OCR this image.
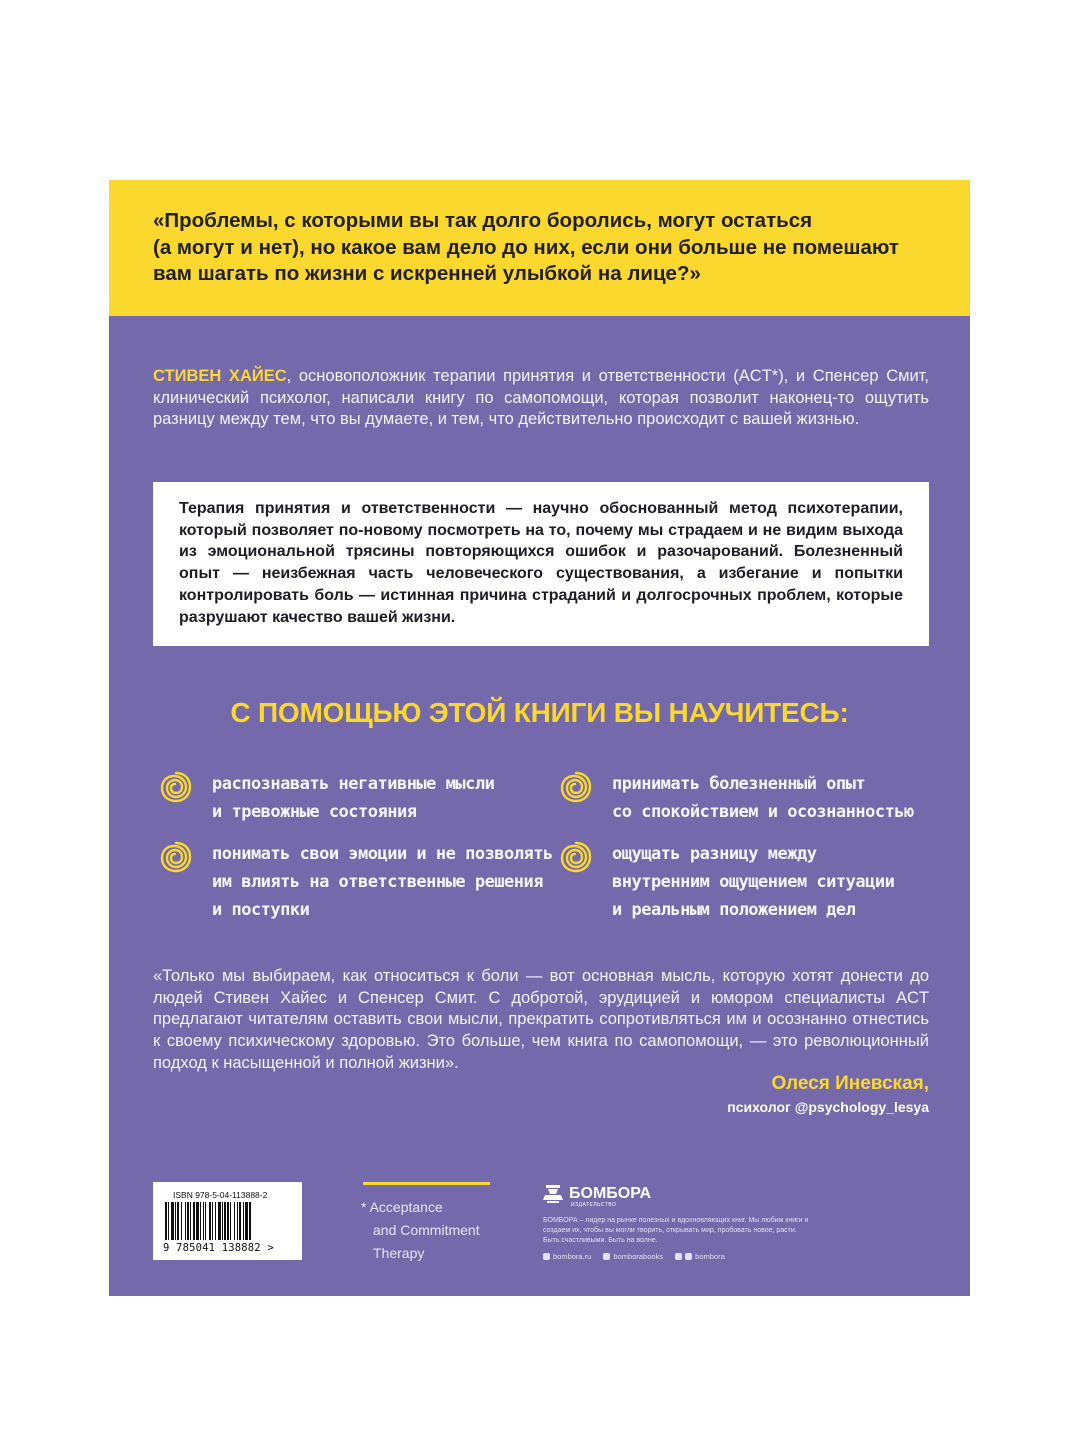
«Проблемы, с которыми вы так долго боролись, могут остаться
(а могут и нет), но какое вам дело до них, если они больше не помешают
вам шагать по жизни с искренней улыбкой на лице?»
СТИВЕН ХАЙЕС, основоположник терапии принятия и ответственности (ACT*), и Спенсер Смит, клинический психолог, написали книгу по самопомощи, которая позволит наконец-то ощутить разницу между тем, что вы думаете, и тем, что действительно происходит с вашей жизнью.
Терапия принятия и ответственности — научно обоснованный метод психотерапии, который позволяет по-новому посмотреть на то, почему мы страдаем и не видим выхода из эмоциональной трясины повторяющихся ошибок и разочарований. Болезненный опыт — неизбежная часть человеческого существования, а избегание и попытки контролировать боль — истинная причина страданий и долгосрочных проблем, которые разрушают качество вашей жизни.
С ПОМОЩЬЮ ЭТОЙ КНИГИ ВЫ НАУЧИТЕСЬ:
распознавать негативные мысли
и тревожные состояния
принимать болезненный опыт
со спокойствием и осознанностью
понимать свои эмоции и не позволять
им влиять на ответственные решения
и поступки
ощущать разницу между
внутренним ощущением ситуации
и реальным положением дел
«Только мы выбираем, как относиться к боли — вот основная мысль, которую хотят донести до людей Стивен Хайес и Спенсер Смит. С добротой, эрудицией и юмором специалисты ACT предлагают читателям оставить свои мысли, прекратить сопротивляться им и осознанно отнестись к своему психическому здоровью. Это больше, чем книга по самопомощи, — это революционный подход к насыщенной и полной жизни».
Олеся Иневская,
психолог @psychology_lesya
ISBN 978-5-04-113888-2
9 785041 138882 >
* Acceptance
and Commitment
Therapy
БОМБОРА
ИЗДАТЕЛЬСТВО
БОМБОРА – лидер на рынке полезных и вдохновляющих книг. Мы любим книги и создаем их, чтобы вы могли творить, открывать мир, пробовать новое, расти. Быть счастливыми. Быть на волне.
bombora.ru	bomborabooks	bombora
